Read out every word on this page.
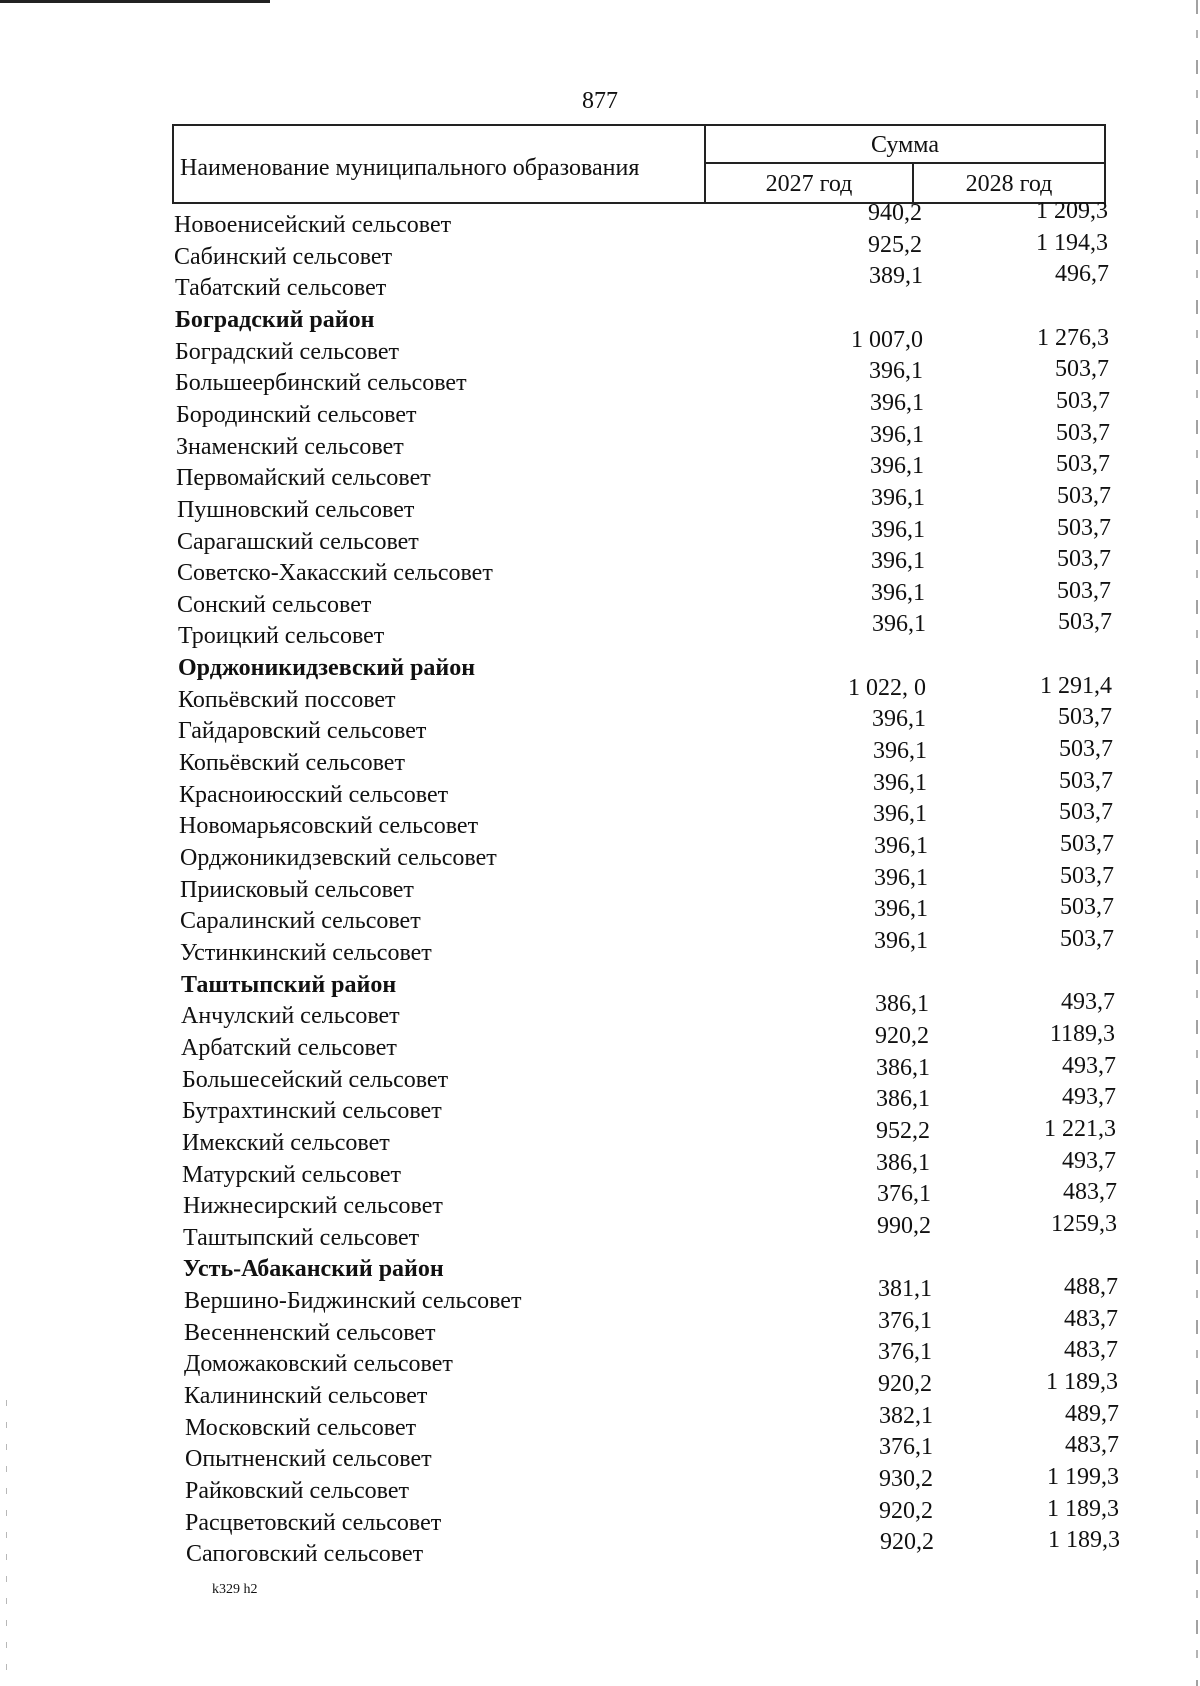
877
Наименование муниципального образования
Сумма
2027 год	2028 год
Новоенисейский сельсовет	940,2	1 209,3
Сабинский сельсовет	925,2	1 194,3
Табатский сельсовет	389,1	496,7
Боградский район
Боградский сельсовет	1 007,0	1 276,3
Большеербинский сельсовет	396,1	503,7
Бородинский сельсовет	396,1	503,7
Знаменский сельсовет	396,1	503,7
Первомайский сельсовет	396,1	503,7
Пушновский сельсовет	396,1	503,7
Сарагашский сельсовет	396,1	503,7
Советско-Хакасский сельсовет	396,1	503,7
Сонский сельсовет	396,1	503,7
Троицкий сельсовет	396,1	503,7
Орджоникидзевский район
Копьёвский поссовет	1 022, 0	1 291,4
Гайдаровский сельсовет	396,1	503,7
Копьёвский сельсовет	396,1	503,7
Красноиюсский сельсовет	396,1	503,7
Новомарьясовский сельсовет	396,1	503,7
Орджоникидзевский сельсовет	396,1	503,7
Приисковый сельсовет	396,1	503,7
Саралинский сельсовет	396,1	503,7
Устинкинский сельсовет	396,1	503,7
Таштыпский район
Анчулский сельсовет	386,1	493,7
Арбатский сельсовет	920,2	1189,3
Большесейский сельсовет	386,1	493,7
Бутрахтинский сельсовет	386,1	493,7
Имекский сельсовет	952,2	1 221,3
Матурский сельсовет	386,1	493,7
Нижнесирский сельсовет	376,1	483,7
Таштыпский сельсовет	990,2	1259,3
Усть-Абаканский район
Вершино-Биджинский сельсовет	381,1	488,7
Весенненский сельсовет	376,1	483,7
Доможаковский сельсовет	376,1	483,7
Калининский сельсовет	920,2	1 189,3
Московский сельсовет	382,1	489,7
Опытненский сельсовет	376,1	483,7
Райковский сельсовет	930,2	1 199,3
Расцветовский сельсовет	920,2	1 189,3
Сапоговский сельсовет	920,2	1 189,3
k329 h2
